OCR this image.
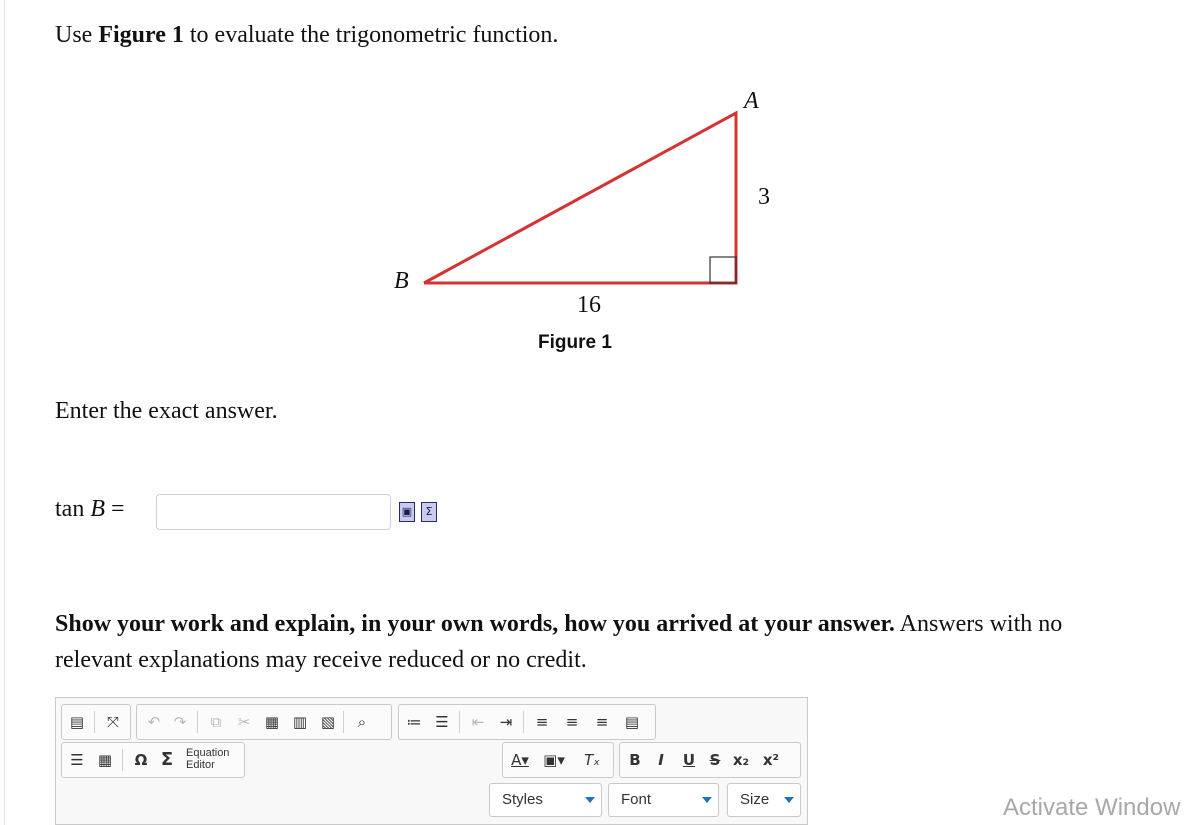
Use Figure 1 to evaluate the trigonometric function.
A
B
3
16
Figure 1
Enter the exact answer.
tan B =	▣	Σ
Show your work and explain, in your own words, how you arrived at your answer. Answers with no relevant explanations may receive reduced or no credit.
▤	⤧	↶ ↷	⧉	✂ ▦ ▥ ▧	⌕	≔ ☰	⇤	⇥	≡	≡	≡	▤
☰ ▦	Ω Σ	Equation
Editor	A▾ ▣▾ Tₓ	B	I	U S x₂ x²
Styles	Font	Size	Activate Window
